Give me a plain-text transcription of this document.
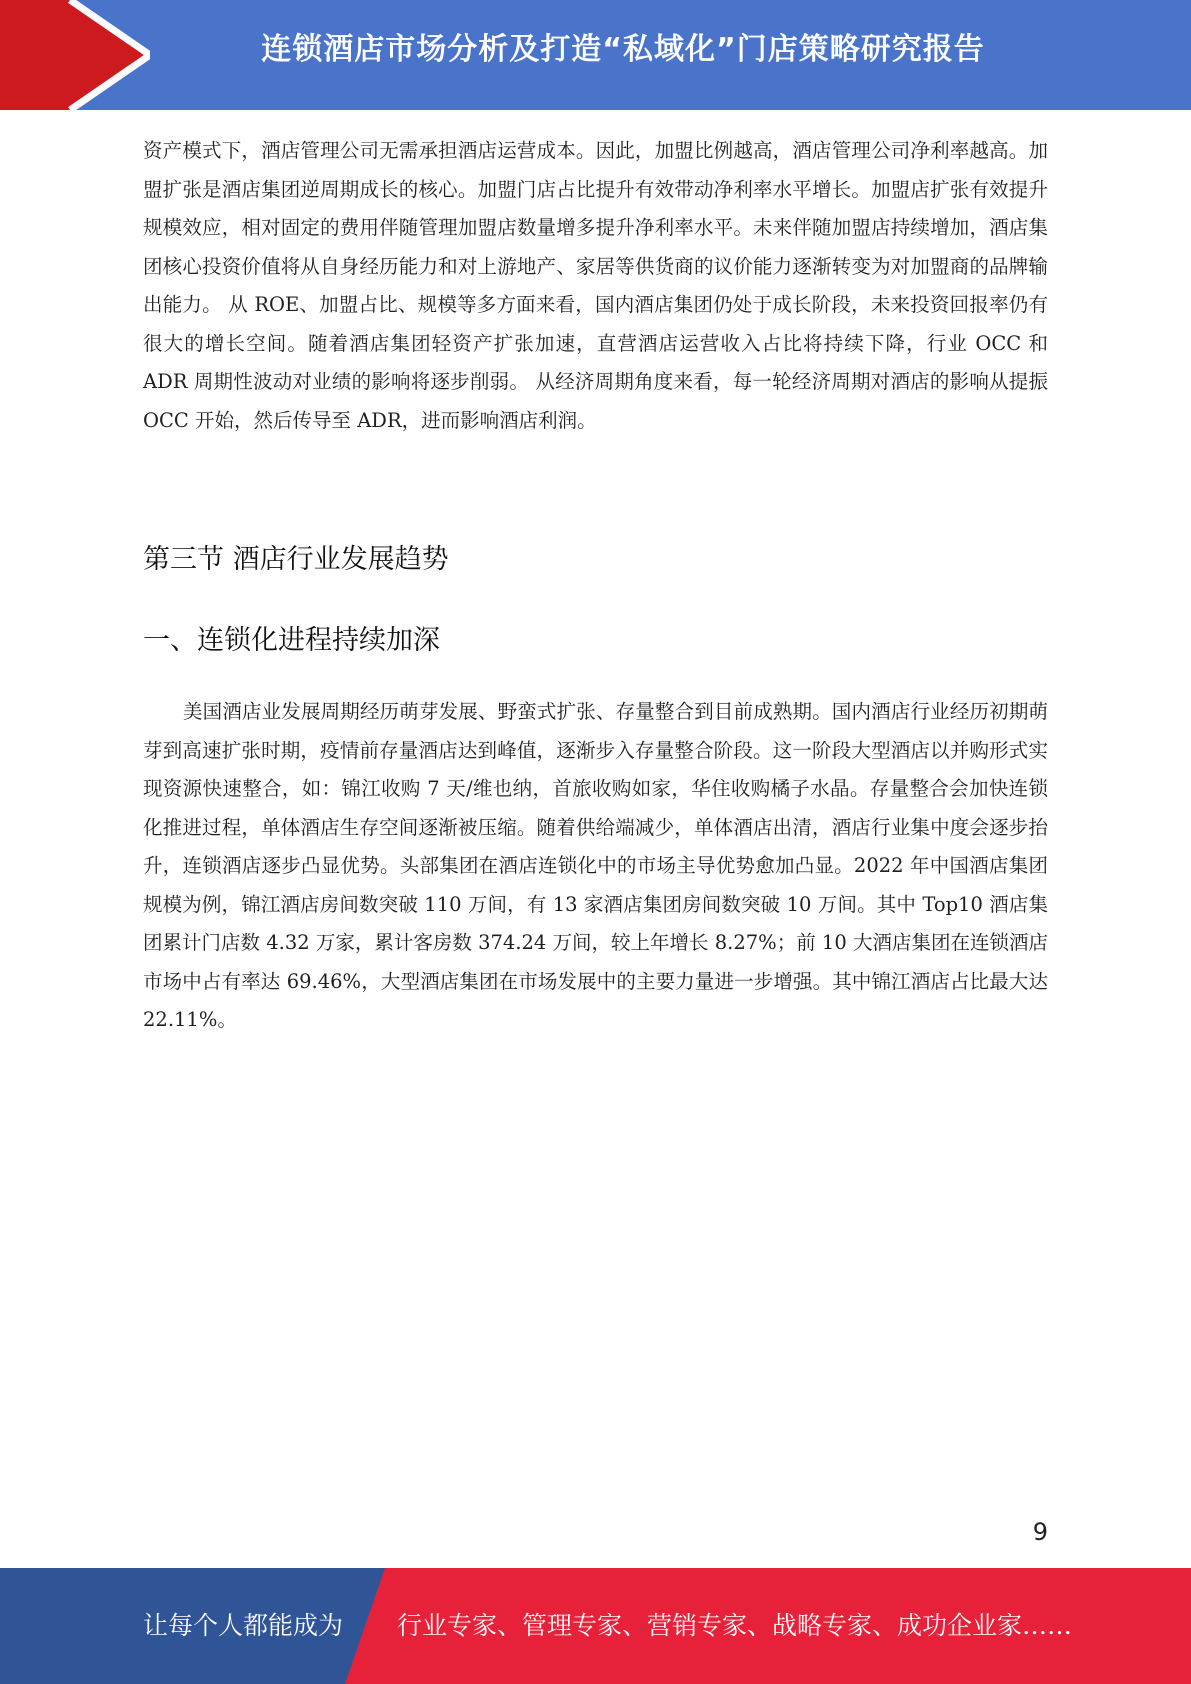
连锁酒店市场分析及打造“私域化”门店策略研究报告
资产模式下，酒店管理公司无需承担酒店运营成本。因此，加盟比例越高，酒店管理公司净利率越高。加盟扩张是酒店集团逆周期成长的核心。加盟门店占比提升有效带动净利率水平增长。加盟店扩张有效提升规模效应，相对固定的费用伴随管理加盟店数量增多提升净利率水平。未来伴随加盟店持续增加，酒店集团核心投资价值将从自身经历能力和对上游地产、家居等供货商的议价能力逐渐转变为对加盟商的品牌输出能力。 从 ROE、加盟占比、规模等多方面来看，国内酒店集团仍处于成长阶段，未来投资回报率仍有很大的增长空间。随着酒店集团轻资产扩张加速，直营酒店运营收入占比将持续下降，行业 OCC 和 ADR 周期性波动对业绩的影响将逐步削弱。 从经济周期角度来看，每一轮经济周期对酒店的影响从提振 OCC 开始，然后传导至 ADR，进而影响酒店利润。
第三节 酒店行业发展趋势
一、连锁化进程持续加深
美国酒店业发展周期经历萌芽发展、野蛮式扩张、存量整合到目前成熟期。国内酒店行业经历初期萌芽到高速扩张时期，疫情前存量酒店达到峰值，逐渐步入存量整合阶段。这一阶段大型酒店以并购形式实现资源快速整合，如：锦江收购 7 天/维也纳，首旅收购如家，华住收购橘子水晶。存量整合会加快连锁化推进过程，单体酒店生存空间逐渐被压缩。随着供给端减少，单体酒店出清，酒店行业集中度会逐步抬升，连锁酒店逐步凸显优势。头部集团在酒店连锁化中的市场主导优势愈加凸显。2022 年中国酒店集团规模为例，锦江酒店房间数突破 110 万间，有 13 家酒店集团房间数突破 10 万间。其中 Top10 酒店集团累计门店数 4.32 万家，累计客房数 374.24 万间，较上年增长 8.27%；前 10 大酒店集团在连锁酒店市场中占有率达 69.46%，大型酒店集团在市场发展中的主要力量进一步增强。其中锦江酒店占比最大达 22.11%。
9
让每个人都能成为 行业专家、管理专家、营销专家、战略专家、成功企业家……
